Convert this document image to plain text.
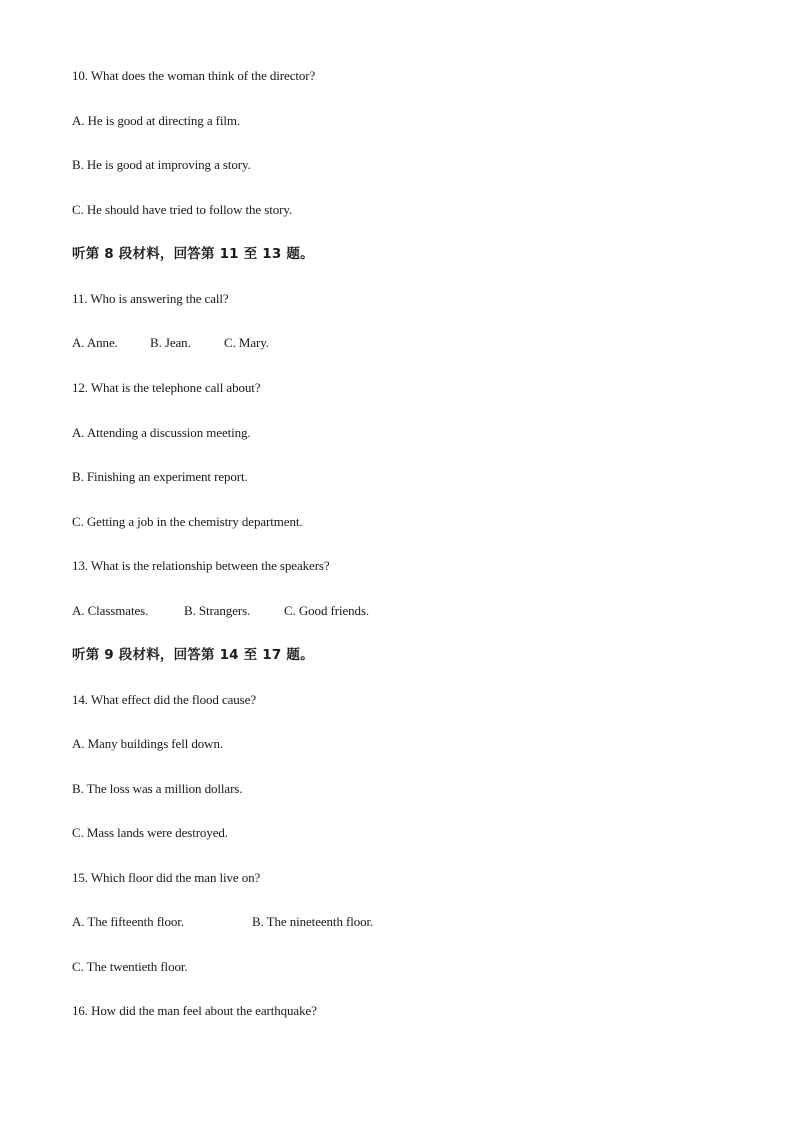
10. What does the woman think of the director?

A. He is good at directing a film.

B. He is good at improving a story.

C. He should have tried to follow the story.

听第 8 段材料，回答第 11 至 13 题。

11. Who is answering the call?

A. Anne.

B. Jean.

	C. Mary.

12. What is the telephone call about?

A. Attending a discussion meeting.

B. Finishing an experiment report.

C. Getting a job in the chemistry department.

13. What is the relationship between the speakers?

A. Classmates.

	B. Strangers.

	C. Good friends.

听第 9 段材料，回答第 14 至 17 题。

14. What effect did the flood cause?

A. Many buildings fell down.

B. The loss was a million dollars.

C. Mass lands were destroyed.

15. Which floor did the man live on?

A. The fifteenth floor.

	B. The nineteenth floor.

C. The twentieth floor.

16. How did the man feel about the earthquake?
